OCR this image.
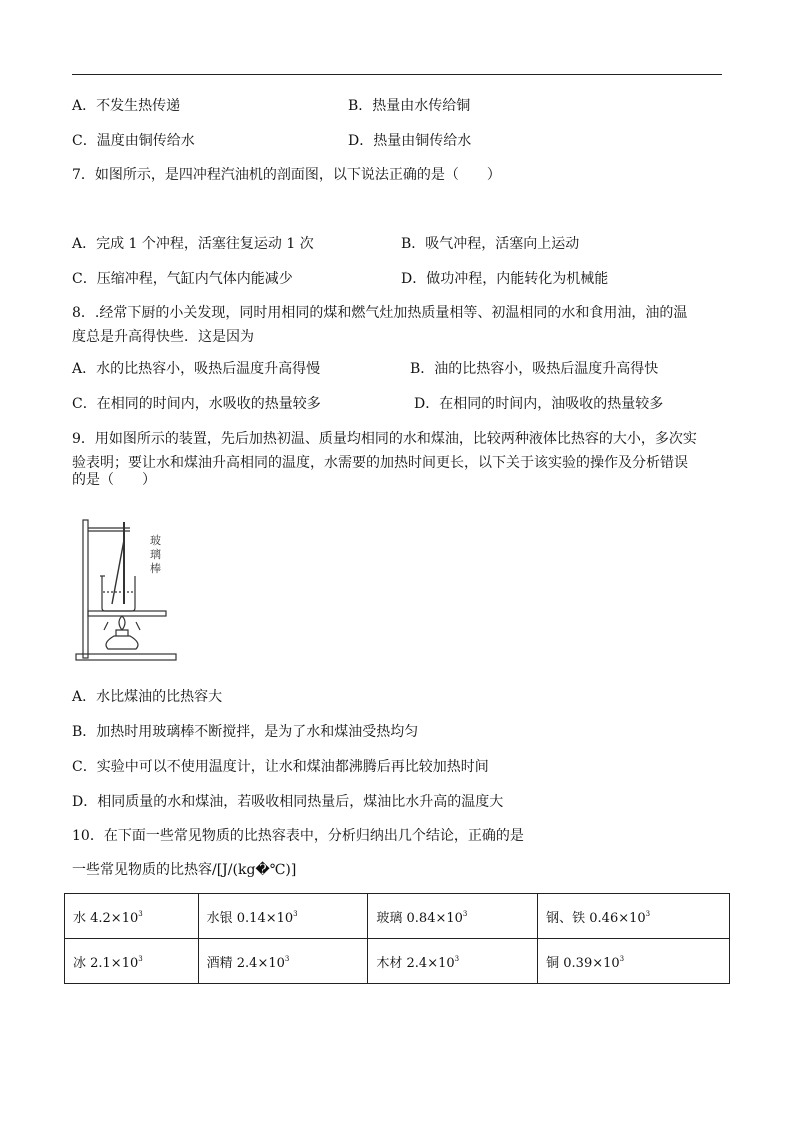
A．不发生热传递	B．热量由水传给铜
C．温度由铜传给水	D．热量由铜传给水
7．如图所示，是四冲程汽油机的剖面图，以下说法正确的是（　　）
A．完成 1 个冲程，活塞往复运动 1 次	B．吸气冲程，活塞向上运动
C．压缩冲程，气缸内气体内能减少	D．做功冲程，内能转化为机械能
8．.经常下厨的小关发现，同时用相同的煤和燃气灶加热质量相等、初温相同的水和食用油，油的温
度总是升高得快些．这是因为
A．水的比热容小，吸热后温度升高得慢	B．油的比热容小，吸热后温度升高得快
C．在相同的时间内，水吸收的热量较多	D．在相同的时间内，油吸收的热量较多
9．用如图所示的装置，先后加热初温、质量均相同的水和煤油，比较两种液体比热容的大小，多次实
验表明；要让水和煤油升高相同的温度，水需要的加热时间更长，以下关于该实验的操作及分析错误
的是（　　）
玻
璃
棒
A．水比煤油的比热容大
B．加热时用玻璃棒不断搅拌，是为了水和煤油受热均匀
C．实验中可以不使用温度计，让水和煤油都沸腾后再比较加热时间
D．相同质量的水和煤油，若吸收相同热量后，煤油比水升高的温度大
10．在下面一些常见物质的比热容表中，分析归纳出几个结论，正确的是
一些常见物质的比热容/[J/(kg�℃)]
水 $4.2\times 10^3$	水银 $0.14\times 10^3$	玻璃 $0.84\times 10^3$	钢、铁 $0.46\times 10^3$
冰 $2.1\times 10^3$	酒精 $2.4\times 10^3$	木材 $2.4\times 10^3$	铜 $0.39\times 10^3$
